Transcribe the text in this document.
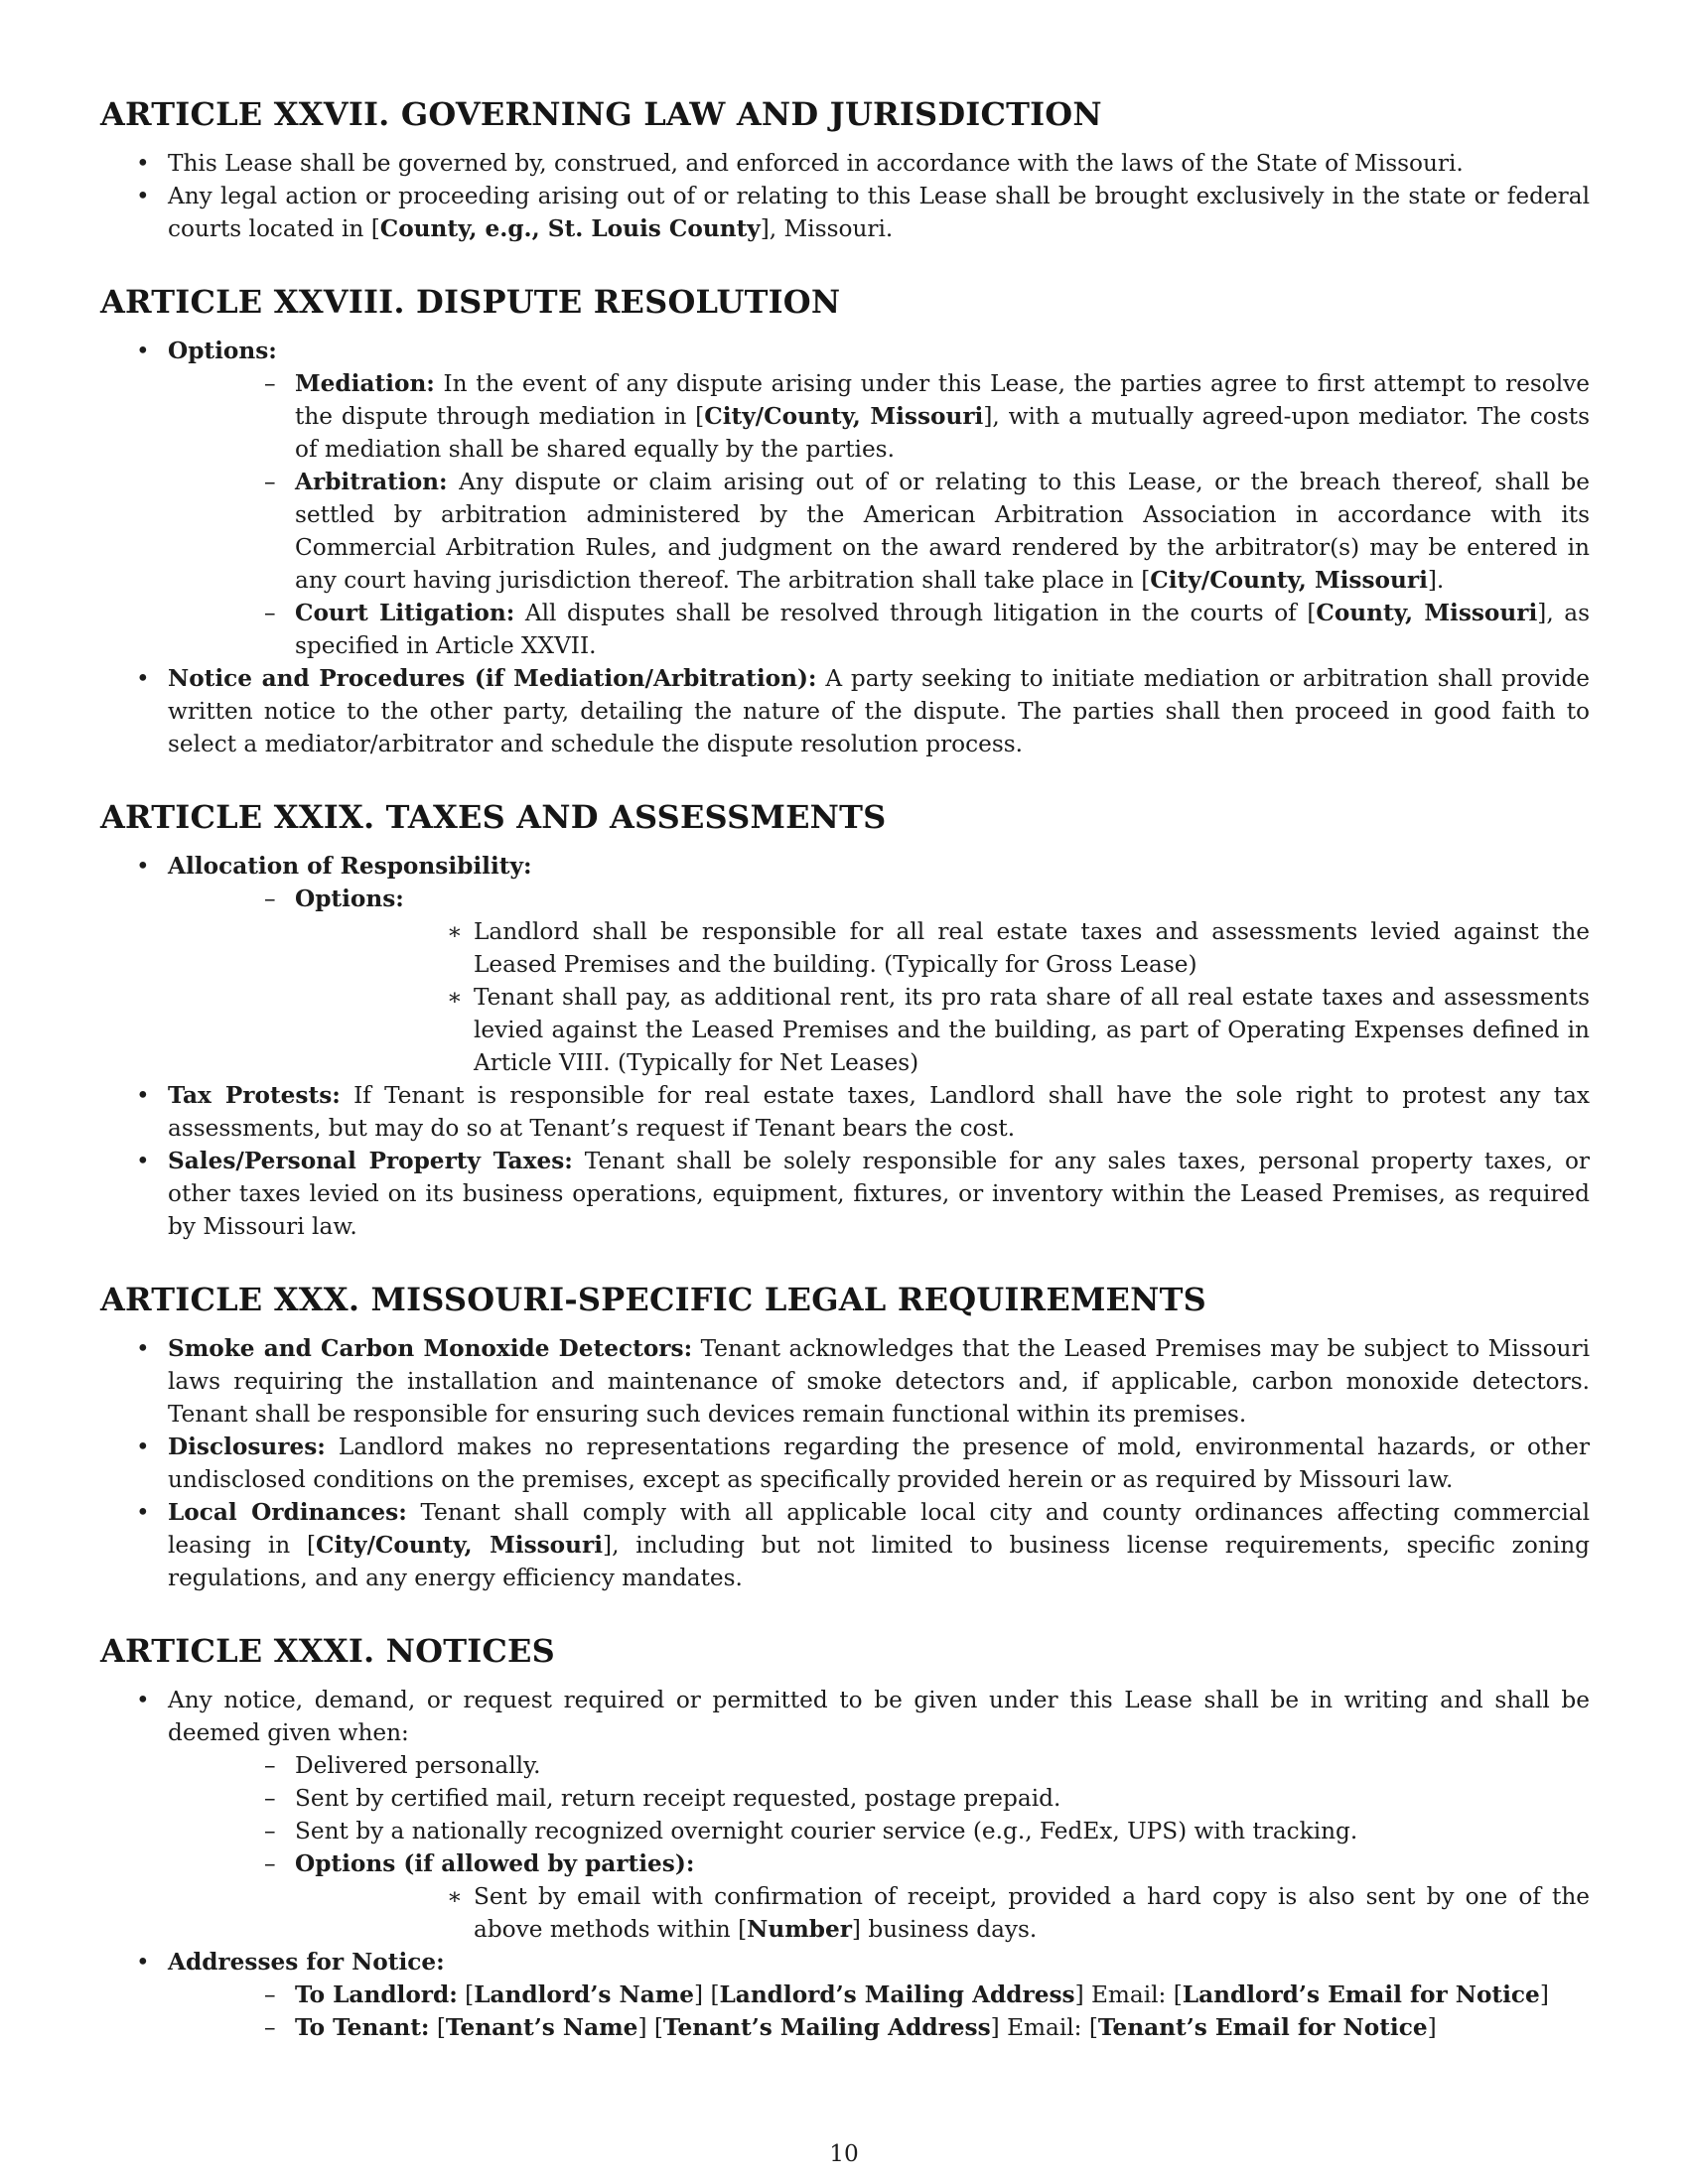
ARTICLE XXVII. GOVERNING LAW AND JURISDICTION
• This Lease shall be governed by, construed, and enforced in accordance with the laws of the State of Missouri.
• Any legal action or proceeding arising out of or relating to this Lease shall be brought exclusively in the state or federal courts located in [County, e.g., St. Louis County], Missouri.
ARTICLE XXVIII. DISPUTE RESOLUTION
• Options:
– Mediation: In the event of any dispute arising under this Lease, the parties agree to first attempt to resolve the dispute through mediation in [City/County, Missouri], with a mutually agreed-upon mediator. The costs of mediation shall be shared equally by the parties.
– Arbitration: Any dispute or claim arising out of or relating to this Lease, or the breach thereof, shall be settled by arbitration administered by the American Arbitration Association in accordance with its Commercial Arbitration Rules, and judgment on the award rendered by the arbitrator(s) may be entered in any court having jurisdiction thereof. The arbitration shall take place in [City/County, Missouri].
– Court Litigation: All disputes shall be resolved through litigation in the courts of [County, Missouri], as specified in Article XXVII.
• Notice and Procedures (if Mediation/Arbitration): A party seeking to initiate mediation or arbitration shall provide written notice to the other party, detailing the nature of the dispute. The parties shall then proceed in good faith to select a mediator/arbitrator and schedule the dispute resolution process.
ARTICLE XXIX. TAXES AND ASSESSMENTS
• Allocation of Responsibility:
– Options:
∗ Landlord shall be responsible for all real estate taxes and assessments levied against the Leased Premises and the building. (Typically for Gross Lease)
∗ Tenant shall pay, as additional rent, its pro rata share of all real estate taxes and assessments levied against the Leased Premises and the building, as part of Operating Expenses defined in Article VIII. (Typically for Net Leases)
• Tax Protests: If Tenant is responsible for real estate taxes, Landlord shall have the sole right to protest any tax assessments, but may do so at Tenant’s request if Tenant bears the cost.
• Sales/Personal Property Taxes: Tenant shall be solely responsible for any sales taxes, personal property taxes, or other taxes levied on its business operations, equipment, fixtures, or inventory within the Leased Premises, as required by Missouri law.
ARTICLE XXX. MISSOURI-SPECIFIC LEGAL REQUIREMENTS
• Smoke and Carbon Monoxide Detectors: Tenant acknowledges that the Leased Premises may be subject to Missouri laws requiring the installation and maintenance of smoke detectors and, if applicable, carbon monoxide detectors. Tenant shall be responsible for ensuring such devices remain functional within its premises.
• Disclosures: Landlord makes no representations regarding the presence of mold, environmental hazards, or other undisclosed conditions on the premises, except as specifically provided herein or as required by Missouri law.
• Local Ordinances: Tenant shall comply with all applicable local city and county ordinances affecting commercial leasing in [City/County, Missouri], including but not limited to business license requirements, specific zoning regulations, and any energy efficiency mandates.
ARTICLE XXXI. NOTICES
• Any notice, demand, or request required or permitted to be given under this Lease shall be in writing and shall be deemed given when:
– Delivered personally.
– Sent by certified mail, return receipt requested, postage prepaid.
– Sent by a nationally recognized overnight courier service (e.g., FedEx, UPS) with tracking.
– Options (if allowed by parties):
∗ Sent by email with confirmation of receipt, provided a hard copy is also sent by one of the above methods within [Number] business days.
• Addresses for Notice:
– To Landlord: [Landlord’s Name] [Landlord’s Mailing Address] Email: [Landlord’s Email for Notice]
– To Tenant: [Tenant’s Name] [Tenant’s Mailing Address] Email: [Tenant’s Email for Notice]
10
